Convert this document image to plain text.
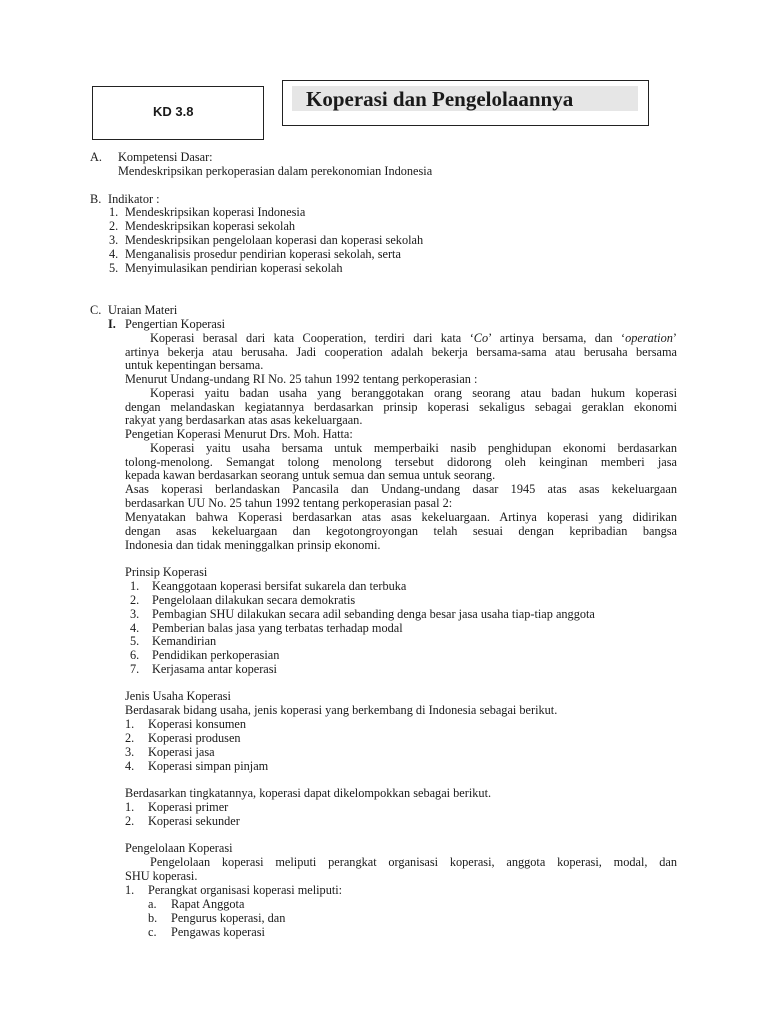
KD 3.8
Koperasi dan Pengelolaannya
A. Kompetensi Dasar:
Mendeskripsikan perkoperasian dalam perekonomian Indonesia
B. Indikator :
1. Mendeskripsikan koperasi Indonesia
2. Mendeskripsikan koperasi sekolah
3. Mendeskripsikan pengelolaan koperasi dan koperasi sekolah
4. Menganalisis prosedur pendirian koperasi sekolah, serta
5. Menyimulasikan pendirian koperasi sekolah
C. Uraian Materi
I. Pengertian Koperasi
Koperasi berasal dari kata Cooperation, terdiri dari kata ‘Co’ artinya bersama, dan ‘operation’
artinya bekerja atau berusaha. Jadi cooperation adalah bekerja bersama-sama atau berusaha bersama
untuk kepentingan bersama.
Menurut Undang-undang RI No. 25 tahun 1992 tentang perkoperasian :
Koperasi yaitu badan usaha yang beranggotakan orang seorang atau badan hukum koperasi
dengan melandaskan kegiatannya berdasarkan prinsip koperasi sekaligus sebagai geraklan ekonomi
rakyat yang berdasarkan atas asas kekeluargaan.
Pengetian Koperasi Menurut Drs. Moh. Hatta:
Koperasi yaitu usaha bersama untuk memperbaiki nasib penghidupan ekonomi berdasarkan
tolong-menolong. Semangat tolong menolong tersebut didorong oleh keinginan memberi jasa
kepada kawan berdasarkan seorang untuk semua dan semua untuk seorang.
Asas koperasi berlandaskan Pancasila dan Undang-undang dasar 1945 atas asas kekeluargaan
berdasarkan UU No. 25 tahun 1992 tentang perkoperasian pasal 2:
Menyatakan bahwa Koperasi berdasarkan atas asas kekeluargaan. Artinya koperasi yang didirikan
dengan asas kekeluargaan dan kegotongroyongan telah sesuai dengan kepribadian bangsa
Indonesia dan tidak meninggalkan prinsip ekonomi.
Prinsip Koperasi
1. Keanggotaan koperasi bersifat sukarela dan terbuka
2. Pengelolaan dilakukan secara demokratis
3. Pembagian SHU dilakukan secara adil sebanding denga besar jasa usaha tiap-tiap anggota
4. Pemberian balas jasa yang terbatas terhadap modal
5. Kemandirian
6. Pendidikan perkoperasian
7. Kerjasama antar koperasi
Jenis Usaha Koperasi
Berdasarak bidang usaha, jenis koperasi yang berkembang di Indonesia sebagai berikut.
1. Koperasi konsumen
2. Koperasi produsen
3. Koperasi jasa
4. Koperasi simpan pinjam
Berdasarkan tingkatannya, koperasi dapat dikelompokkan sebagai berikut.
1. Koperasi primer
2. Koperasi sekunder
Pengelolaan Koperasi
Pengelolaan koperasi meliputi perangkat organisasi koperasi, anggota koperasi, modal, dan
SHU koperasi.
1. Perangkat organisasi koperasi meliputi:
a. Rapat Anggota
b. Pengurus koperasi, dan
c. Pengawas koperasi
